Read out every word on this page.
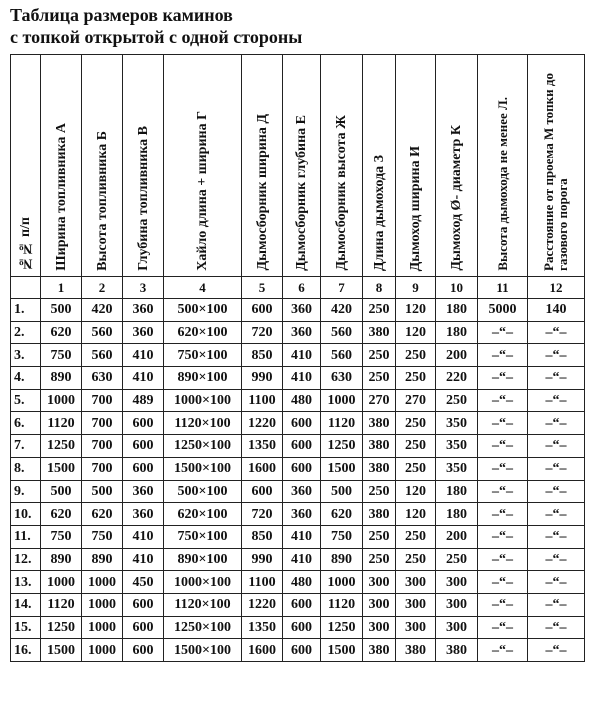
Таблица размеров каминов
с топкой открытой с одной стороны
№№ п/п	Ширина топливника А	Высота топливника Б	Глубина топливника В	Хайло длина + ширина Г	Дымосборник ширина Д	Дымосборник глубина Е	Дымосборник высота Ж	Длина дымохода З	Дымоход ширина И	Дымоход Ø- диаметр К	Высота дымохода не менее Л.	Расстояние от проема М топки до газового порога
	1	2	3	4	5	6	7	8	9	10	11	12
1.	500	420	360	500×100	600	360	420	250	120	180	5000	140
2.	620	560	360	620×100	720	360	560	380	120	180	–“–	–“–
3.	750	560	410	750×100	850	410	560	250	250	200	–“–	–“–
4.	890	630	410	890×100	990	410	630	250	250	220	–“–	–“–
5.	1000	700	489	1000×100	1100	480	1000	270	270	250	–“–	–“–
6.	1120	700	600	1120×100	1220	600	1120	380	250	350	–“–	–“–
7.	1250	700	600	1250×100	1350	600	1250	380	250	350	–“–	–“–
8.	1500	700	600	1500×100	1600	600	1500	380	250	350	–“–	–“–
9.	500	500	360	500×100	600	360	500	250	120	180	–“–	–“–
10.	620	620	360	620×100	720	360	620	380	120	180	–“–	–“–
11.	750	750	410	750×100	850	410	750	250	250	200	–“–	–“–
12.	890	890	410	890×100	990	410	890	250	250	250	–“–	–“–
13.	1000	1000	450	1000×100	1100	480	1000	300	300	300	–“–	–“–
14.	1120	1000	600	1120×100	1220	600	1120	300	300	300	–“–	–“–
15.	1250	1000	600	1250×100	1350	600	1250	300	300	300	–“–	–“–
16.	1500	1000	600	1500×100	1600	600	1500	380	380	380	–“–	–“–
